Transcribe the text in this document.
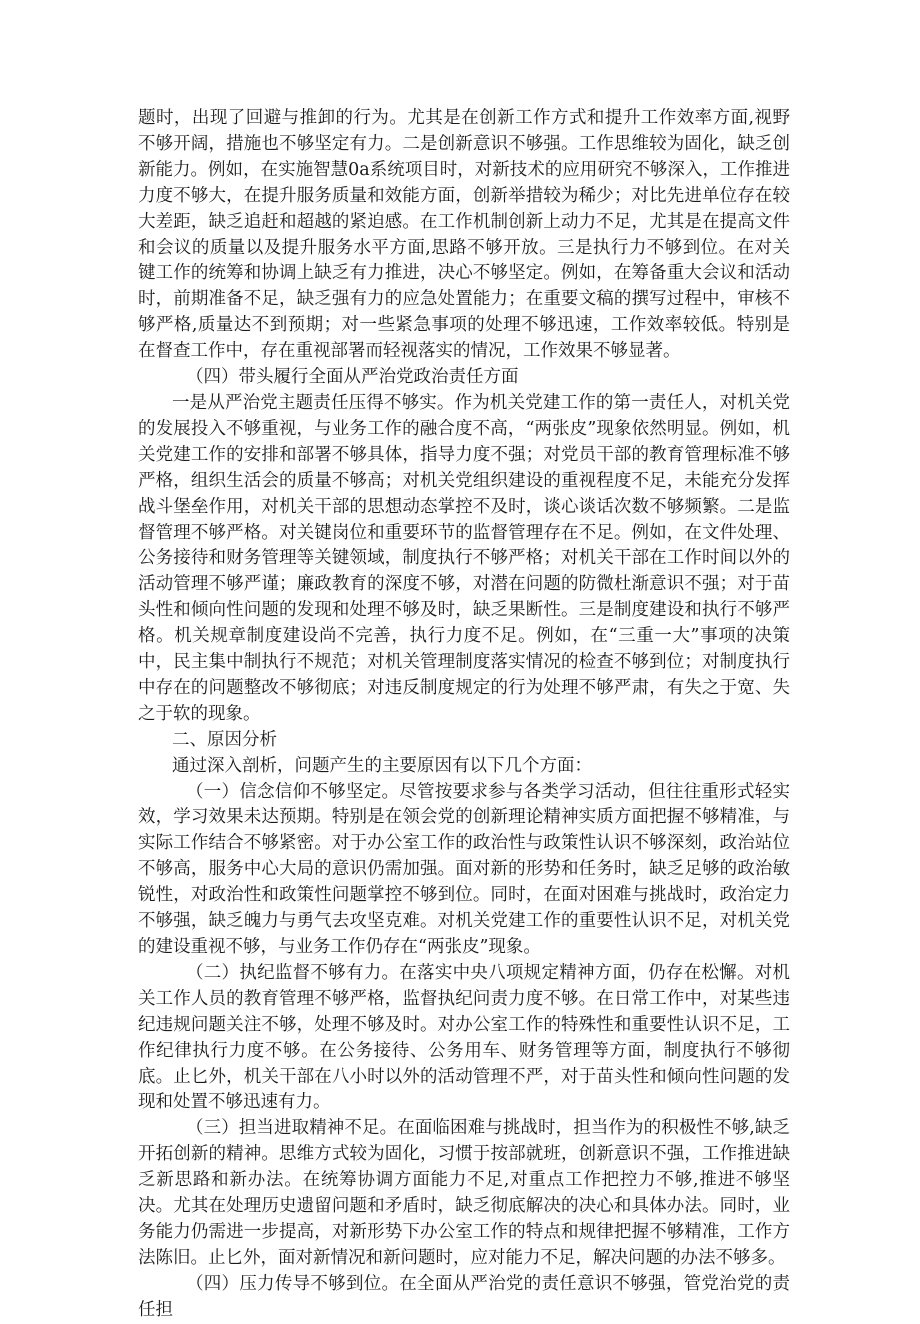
题时，出现了回避与推卸的行为。尤其是在创新工作方式和提升工作效率方面,视野不够开阔，措施也不够坚定有力。二是创新意识不够强。工作思维较为固化，缺乏创新能力。例如，在实施智慧0a系统项目时，对新技术的应用研究不够深入，工作推进力度不够大，在提升服务质量和效能方面，创新举措较为稀少；对比先进单位存在较大差距，缺乏追赶和超越的紧迫感。在工作机制创新上动力不足，尤其是在提高文件和会议的质量以及提升服务水平方面,思路不够开放。三是执行力不够到位。在对关键工作的统筹和协调上缺乏有力推进，决心不够坚定。例如，在筹备重大会议和活动时，前期准备不足，缺乏强有力的应急处置能力；在重要文稿的撰写过程中，审核不够严格,质量达不到预期；对一些紧急事项的处理不够迅速，工作效率较低。特别是在督查工作中，存在重视部署而轻视落实的情况，工作效果不够显著。

（四）带头履行全面从严治党政治责任方面

一是从严治党主题责任压得不够实。作为机关党建工作的第一责任人，对机关党的发展投入不够重视，与业务工作的融合度不高，“两张皮”现象依然明显。例如，机关党建工作的安排和部署不够具体，指导力度不强；对党员干部的教育管理标准不够严格，组织生活会的质量不够高；对机关党组织建设的重视程度不足，未能充分发挥战斗堡垒作用，对机关干部的思想动态掌控不及时，谈心谈话次数不够频繁。二是监督管理不够严格。对关键岗位和重要环节的监督管理存在不足。例如，在文件处理、公务接待和财务管理等关键领域，制度执行不够严格；对机关干部在工作时间以外的活动管理不够严谨；廉政教育的深度不够，对潜在问题的防微杜渐意识不强；对于苗头性和倾向性问题的发现和处理不够及时，缺乏果断性。三是制度建设和执行不够严格。机关规章制度建设尚不完善，执行力度不足。例如，在“三重一大”事项的决策中，民主集中制执行不规范；对机关管理制度落实情况的检查不够到位；对制度执行中存在的问题整改不够彻底；对违反制度规定的行为处理不够严肃，有失之于宽、失之于软的现象。

二、原因分析

通过深入剖析，问题产生的主要原因有以下几个方面：

（一）信念信仰不够坚定。尽管按要求参与各类学习活动，但往往重形式轻实效，学习效果未达预期。特别是在领会党的创新理论精神实质方面把握不够精准，与实际工作结合不够紧密。对于办公室工作的政治性与政策性认识不够深刻，政治站位不够高，服务中心大局的意识仍需加强。面对新的形势和任务时，缺乏足够的政治敏锐性，对政治性和政策性问题掌控不够到位。同时，在面对困难与挑战时，政治定力不够强，缺乏魄力与勇气去攻坚克难。对机关党建工作的重要性认识不足，对机关党的建设重视不够，与业务工作仍存在“两张皮”现象。

（二）执纪监督不够有力。在落实中央八项规定精神方面，仍存在松懈。对机关工作人员的教育管理不够严格，监督执纪问责力度不够。在日常工作中，对某些违纪违规问题关注不够，处理不够及时。对办公室工作的特殊性和重要性认识不足，工作纪律执行力度不够。在公务接待、公务用车、财务管理等方面，制度执行不够彻底。止匕外，机关干部在八小时以外的活动管理不严，对于苗头性和倾向性问题的发现和处置不够迅速有力。

（三）担当进取精神不足。在面临困难与挑战时，担当作为的积极性不够,缺乏开拓创新的精神。思维方式较为固化，习惯于按部就班，创新意识不强，工作推进缺乏新思路和新办法。在统筹协调方面能力不足,对重点工作把控力不够,推进不够坚决。尤其在处理历史遗留问题和矛盾时，缺乏彻底解决的决心和具体办法。同时，业务能力仍需进一步提高，对新形势下办公室工作的特点和规律把握不够精准，工作方法陈旧。止匕外，面对新情况和新问题时，应对能力不足，解决问题的办法不够多。

（四）压力传导不够到位。在全面从严治党的责任意识不够强，管党治党的责任担
